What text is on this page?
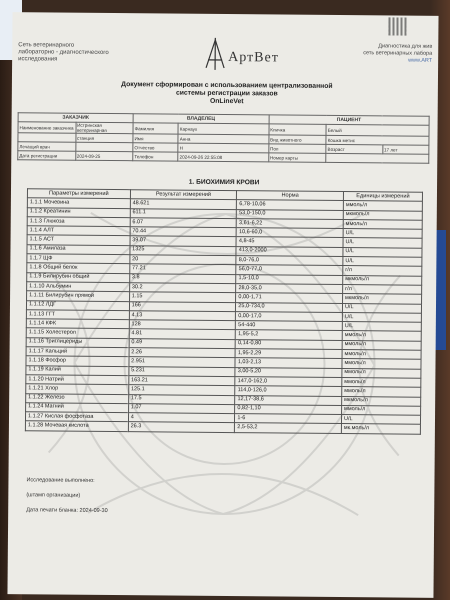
Сеть ветеринарного
лабораторно - диагностического
исследования	АртВет
Диагностика для жив
сеть ветеринарных лабора
www.ART
Документ сформирован с использованием централизованной
системы регистрации заказов
OnLineVet
ЗАКАЗЧИК		ВЛАДЕЛЕЦ		ПАЦИЕНТ		
Наименование заказчика	Истринская ветеринарная	Фамилия	Карнаух	Кличка	Белый	
	станция	Имя	Анна	Вид животного	Кошка метис	
Лечащий врач		Отчество	Н	Пол	Возраст	17 лет
Дата регистрации	2024-09-25	Телефон	2024-09-26 22:55:08	Номер карты		
1. БИОХИМИЯ КРОВИ
Параметры измерений	Результат измерений	Норма	Единицы измерений
1.1.1 Мочевина	48.621	6,78-10,06	ммоль/л
1.1.2 Креатинин	611.1	53,0-150,0	мкмоль/л
1.1.3 Глюкоза	6.07	3,61-6,22	ммоль/л
1.1.4 АЛТ	70.44	10,6-60,0	U/L
1.1.5 АСТ	39.07	4,8-45	U/L
1.1.6 Амилаза	1325	413,0-2000	U/L
1.1.7 ЩФ	20	8,0-76,0	U/L
1.1.8 Общий белок	77.21	56,0-77,0	г/л
1.1.9 Билирубин общий	3.8	1,5-10,0	мкмоль/л
1.1.10 Альбумин	30.2	28,0-35,0	г/л
1.1.11 Билирубин прямой	1.15	0,00-1,71	мкмоль/л
1.1.12 ЛДГ	166	25,0-734,0	U/L
1.1.13 ГГТ	4.13	0,00-17,0	U/L
1.1.14 КФК	128	54-440	U/L
1.1.15 Холестерол	4.81	1,95-5,2	ммоль/л
1.1.16 Триглицериды	0.49	0,14-0,80	ммоль/л
1.1.17 Кальций	2.26	1,95-2,29	ммоль/л
1.1.18 Фосфор	2.951	1,03-2,13	ммоль/л
1.1.19 Калий	5.231	3,00-5,20	ммоль/л
1.1.20 Натрий	163.21	147,0-162,0	ммоль/л
1.1.21 Хлор	125.1	114,0-126,0	ммоль/л
1.1.22 Железо	17.5	12,17-38,6	мкмоль/л
1.1.24 Магний	1.07	0,82-1,10	ммоль/л
1.1.27 Кислая фосфотаза	4	1-6	U/L
1.1.28 Мочевая кислота	26.3	2,5-53,2	мк.моль/л

Исследование выполнено:

(штамп организации)

Дата печати бланка: 2024-09-30
